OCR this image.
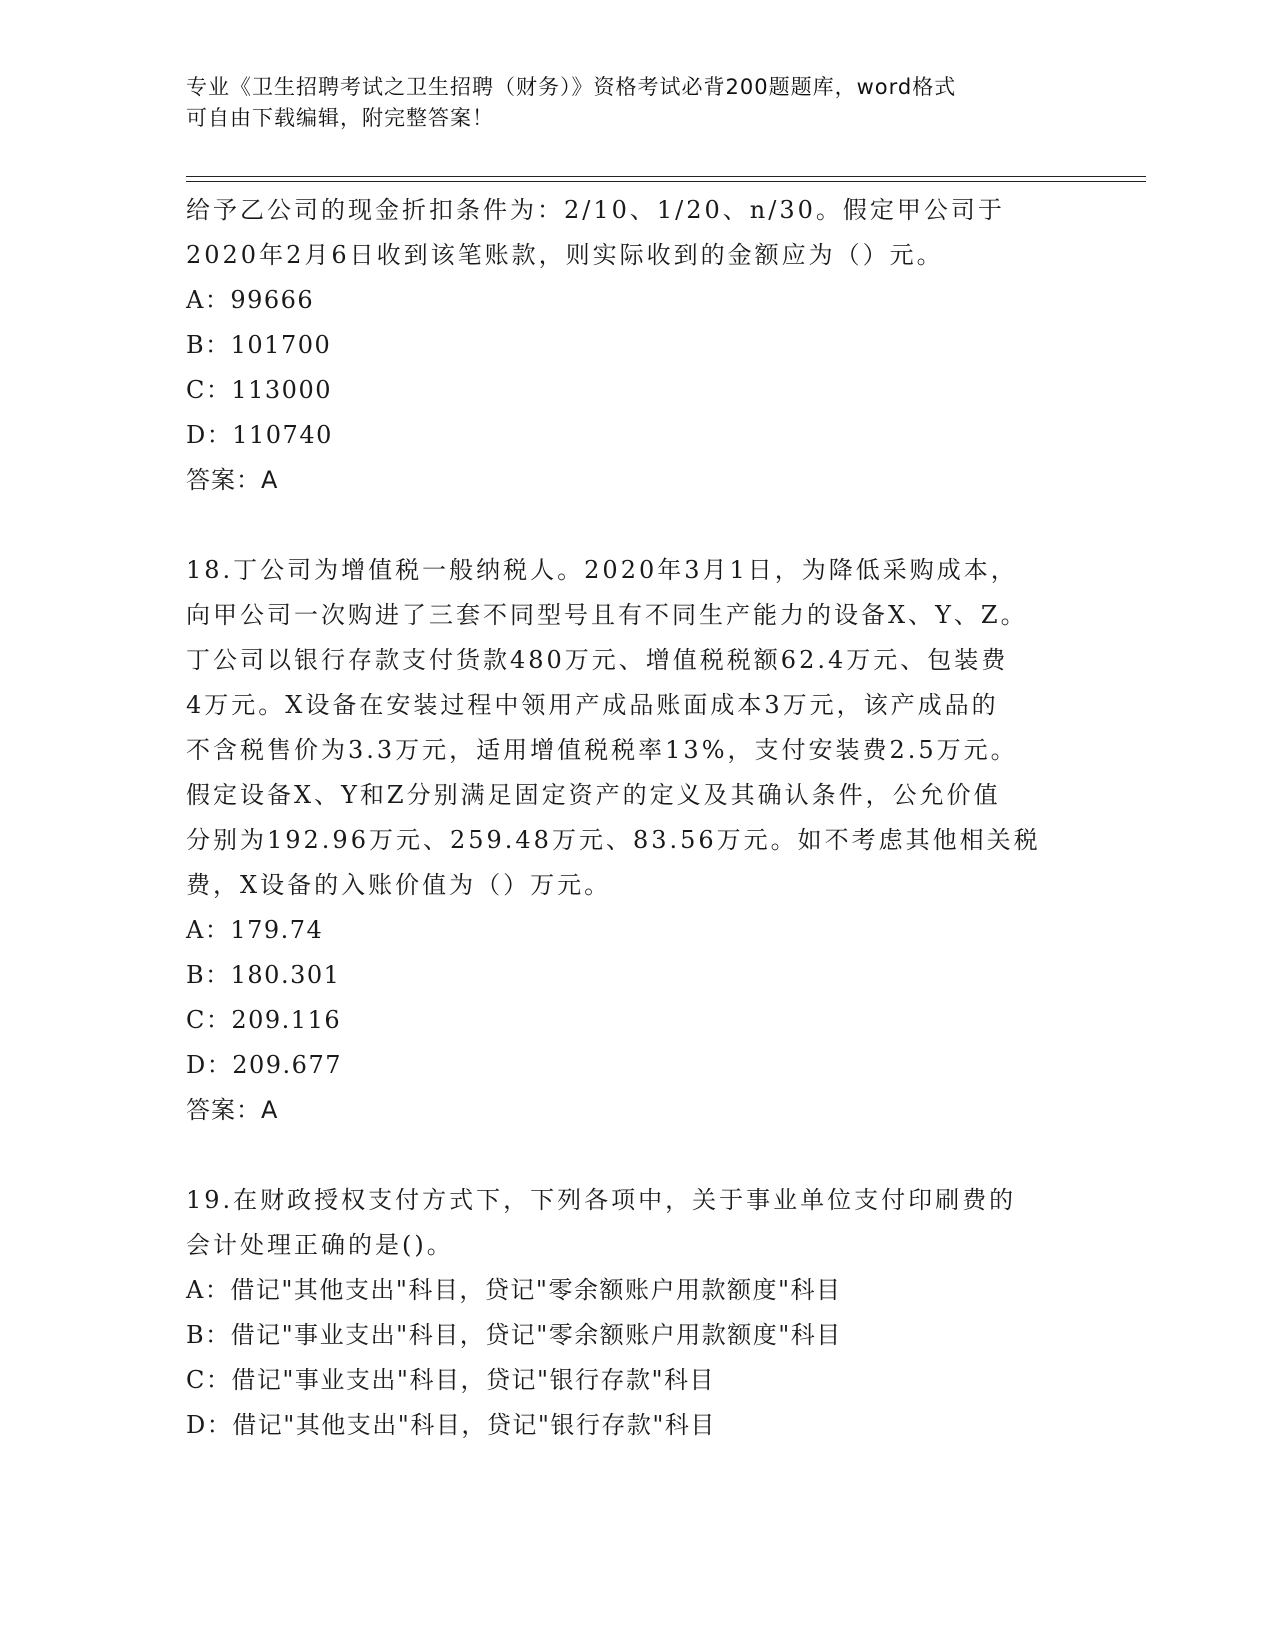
专业《卫生招聘考试之卫生招聘（财务）》资格考试必背200题题库，word格式
可自由下载编辑，附完整答案！

给予乙公司的现金折扣条件为：2/10、1/20、n/30。假定甲公司于

2020年2月6日收到该笔账款，则实际收到的金额应为（）元。

A：99666

B：101700

C：113000

D：110740

答案：A

18.丁公司为增值税一般纳税人。2020年3月1日，为降低采购成本，

向甲公司一次购进了三套不同型号且有不同生产能力的设备X、Y、Z。

丁公司以银行存款支付货款480万元、增值税税额62.4万元、包装费

4万元。X设备在安装过程中领用产成品账面成本3万元，该产成品的

不含税售价为3.3万元，适用增值税税率13%，支付安装费2.5万元。

假定设备X、Y和Z分别满足固定资产的定义及其确认条件，公允价值

分别为192.96万元、259.48万元、83.56万元。如不考虑其他相关税

费，X设备的入账价值为（）万元。

A：179.74

B：180.301

C：209.116

D：209.677

答案：A

19.在财政授权支付方式下，下列各项中，关于事业单位支付印刷费的

会计处理正确的是()。

A：借记"其他支出"科目，贷记"零余额账户用款额度"科目

B：借记"事业支出"科目，贷记"零余额账户用款额度"科目

C：借记"事业支出"科目，贷记"银行存款"科目

D：借记"其他支出"科目，贷记"银行存款"科目
